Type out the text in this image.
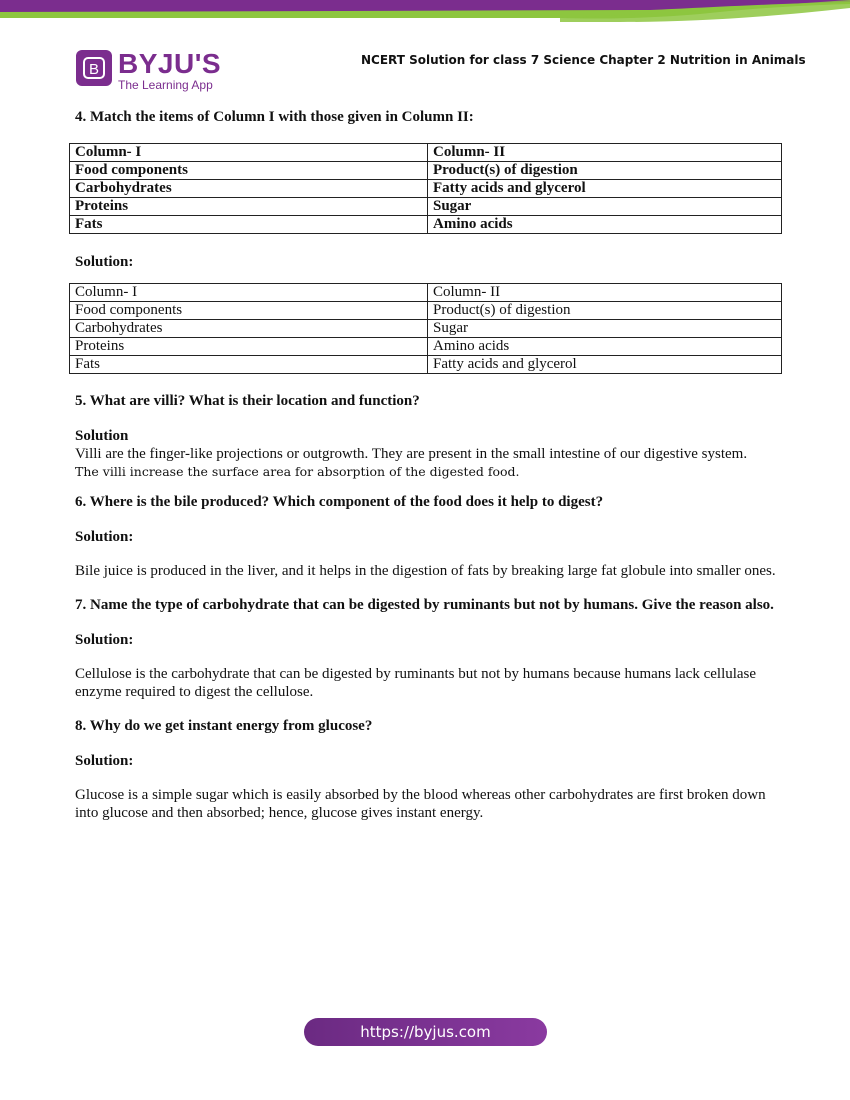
B BYJU'S
The Learning App
NCERT Solution for class 7 Science Chapter 2 Nutrition in Animals

4. Match the items of Column I with those given in Column II:

Column- I	Column- II
Food components	Product(s) of digestion
Carbohydrates	Fatty acids and glycerol
Proteins	Sugar
Fats	Amino acids

Solution:

Column- I	Column- II
Food components	Product(s) of digestion
Carbohydrates	Sugar
Proteins	Amino acids
Fats	Fatty acids and glycerol

5. What are villi? What is their location and function?

Solution

Villi are the finger-like projections or outgrowth. They are present in the small intestine of our digestive system.

The villi increase the surface area for absorption of the digested food.

6. Where is the bile produced? Which component of the food does it help to digest?

Solution:

Bile juice is produced in the liver, and it helps in the digestion of fats by breaking large fat globule into smaller ones.

7. Name the type of carbohydrate that can be digested by ruminants but not by humans. Give the reason also.

Solution:

Cellulose is the carbohydrate that can be digested by ruminants but not by humans because humans lack cellulase enzyme required to digest the cellulose.

8. Why do we get instant energy from glucose?

Solution:

Glucose is a simple sugar which is easily absorbed by the blood whereas other carbohydrates are first broken down into glucose and then absorbed; hence, glucose gives instant energy.

https://byjus.com
